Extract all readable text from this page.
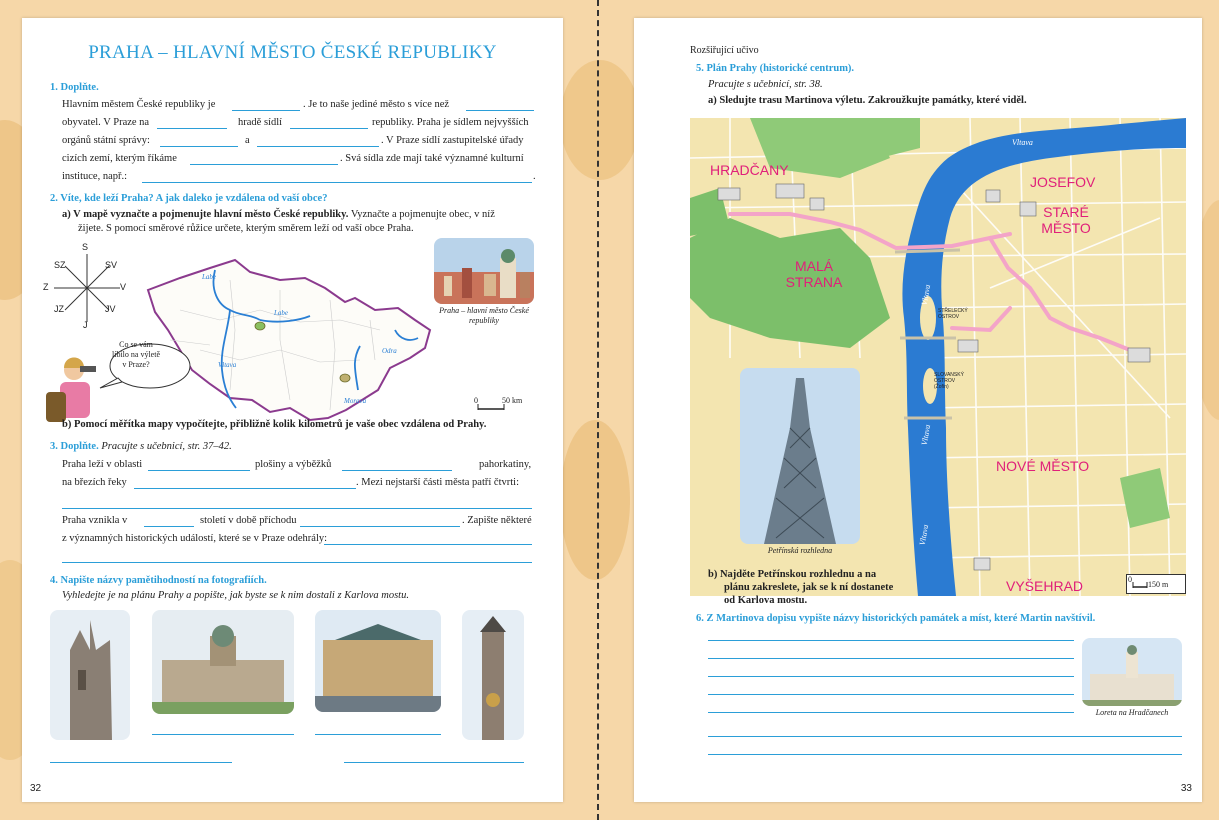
PRAHA – HLAVNÍ MĚSTO ČESKÉ REPUBLIKY
1. Doplňte.
Hlavním městem České republiky je	. Je to naše jediné město s více než
obyvatel. V Praze na	hradě sídlí	republiky. Praha je sídlem nejvyšších
orgánů státní správy:	a	. V Praze sídlí zastupitelské úřady
cizích zemí, kterým říkáme	. Svá sídla zde mají také významné kulturní
instituce, např.:	.
2. Víte, kde leží Praha? A jak daleko je vzdálena od vaší obce?
a) V mapě vyznačte a pojmenujte hlavní město České republiky. Vyznačte a pojmenujte obec, v níž
žijete. S pomocí směrové růžice určete, kterým směrem leží od vaší obce Praha.
S
SV
V
JV
J
JZ
Z
SZ
Labe
Vltava
Labe
Morava
Odra
Co se vám líbilo na výletě v Praze?
Praha – hlavní město České republiky
0	50 km
b) Pomocí měřítka mapy vypočítejte, přibližně kolik kilometrů je vaše obec vzdálena od Prahy.
3. Doplňte. Pracujte s učebnicí, str. 37–42.
Praha leží v oblasti	plošiny a výběžků	pahorkatiny,
na březích řeky	. Mezi nejstarší části města patří čtvrti:
Praha vznikla v	století v době příchodu	. Zapište některé
z významných historických událostí, které se v Praze odehrály:
4. Napište názvy pamětihodností na fotografiích.
Vyhledejte je na plánu Prahy a popište, jak byste se k nim dostali z Karlova mostu.
32
Rozšiřující učivo
5. Plán Prahy (historické centrum).
Pracujte s učebnicí, str. 38.
a) Sledujte trasu Martinova výletu. Zakroužkujte památky, které viděl.
HRADČANY
JOSEFOV
STARÉ MĚSTO
MALÁ STRANA
NOVÉ MĚSTO
VYŠEHRAD
Vltava
Vltava
Vltava
Vltava
STŘELECKÝ OSTROV
SLOVANSKÝ OSTROV (Žofín)
0
150 m
Petřínská rozhledna
b) Najděte Petřínskou rozhlednu a na
plánu zakreslete, jak se k ní dostanete
od Karlova mostu.
6. Z Martinova dopisu vypište názvy historických památek a míst, které Martin navštívil.
Loreta na Hradčanech
33
